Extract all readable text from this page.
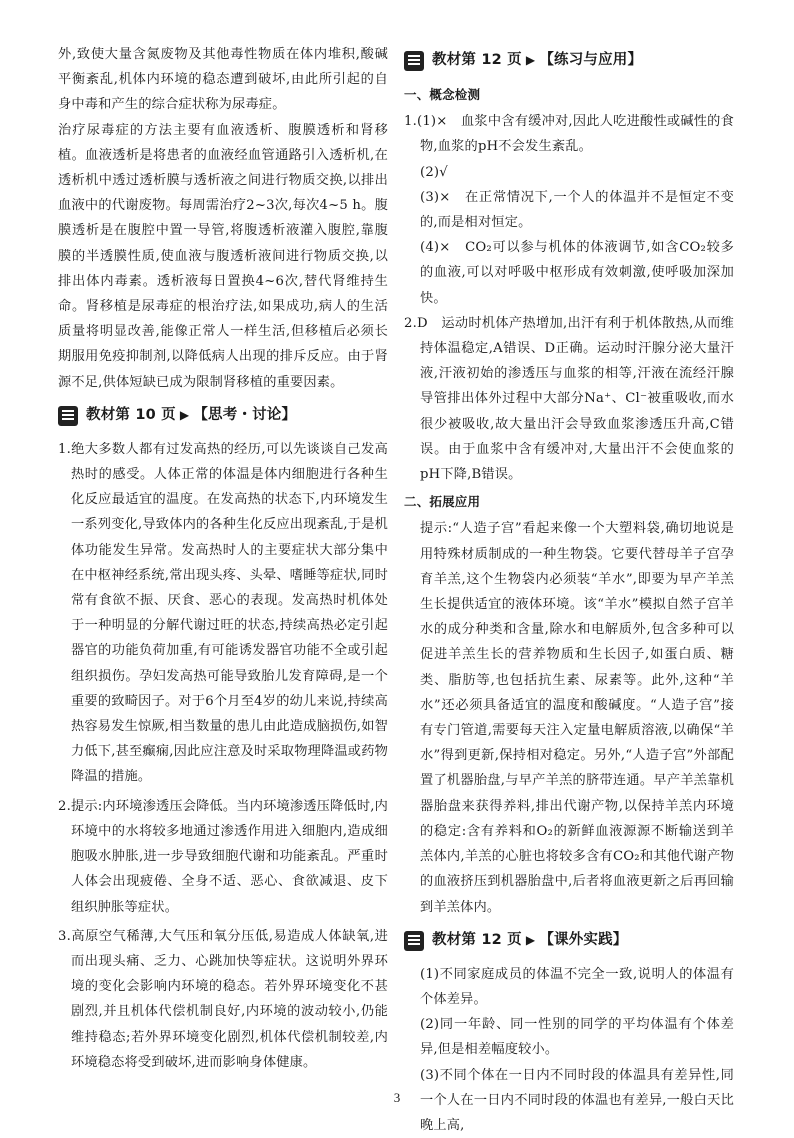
外,致使大量含氮废物及其他毒性物质在体内堆积,酸碱平衡紊乱,机体内环境的稳态遭到破坏,由此所引起的自身中毒和产生的综合症状称为尿毒症。

治疗尿毒症的方法主要有血液透析、腹膜透析和肾移植。血液透析是将患者的血液经血管通路引入透析机,在透析机中透过透析膜与透析液之间进行物质交换,以排出血液中的代谢废物。每周需治疗2~3次,每次4~5 h。腹膜透析是在腹腔中置一导管,将腹透析液灌入腹腔,靠腹膜的半透膜性质,使血液与腹透析液间进行物质交换,以排出体内毒素。透析液每日置换4~6次,替代肾维持生命。肾移植是尿毒症的根治疗法,如果成功,病人的生活质量将明显改善,能像正常人一样生活,但移植后必须长期服用免疫抑制剂,以降低病人出现的排斥反应。由于肾源不足,供体短缺已成为限制肾移植的重要因素。

教材第 10 页 ▶ 【思考・讨论】

1.绝大多数人都有过发高热的经历,可以先谈谈自己发高热时的感受。人体正常的体温是体内细胞进行各种生化反应最适宜的温度。在发高热的状态下,内环境发生一系列变化,导致体内的各种生化反应出现紊乱,于是机体功能发生异常。发高热时人的主要症状大部分集中在中枢神经系统,常出现头疼、头晕、嗜睡等症状,同时常有食欲不振、厌食、恶心的表现。发高热时机体处于一种明显的分解代谢过旺的状态,持续高热必定引起器官的功能负荷加重,有可能诱发器官功能不全或引起组织损伤。孕妇发高热可能导致胎儿发育障碍,是一个重要的致畸因子。对于6个月至4岁的幼儿来说,持续高热容易发生惊厥,相当数量的患儿由此造成脑损伤,如智力低下,甚至癫痫,因此应注意及时采取物理降温或药物降温的措施。

2.提示:内环境渗透压会降低。当内环境渗透压降低时,内环境中的水将较多地通过渗透作用进入细胞内,造成细胞吸水肿胀,进一步导致细胞代谢和功能紊乱。严重时人体会出现疲倦、全身不适、恶心、食欲减退、皮下组织肿胀等症状。

3.高原空气稀薄,大气压和氧分压低,易造成人体缺氧,进而出现头痛、乏力、心跳加快等症状。这说明外界环境的变化会影响内环境的稳态。若外界环境变化不甚剧烈,并且机体代偿机制良好,内环境的波动较小,仍能维持稳态;若外界环境变化剧烈,机体代偿机制较差,内环境稳态将受到破坏,进而影响身体健康。

教材第 12 页 ▶ 【练习与应用】
一、概念检测

1.(1)×　血浆中含有缓冲对,因此人吃进酸性或碱性的食物,血浆的pH不会发生紊乱。

(2)√

(3)×　在正常情况下,一个人的体温并不是恒定不变的,而是相对恒定。

(4)×　CO₂可以参与机体的体液调节,如含CO₂较多的血液,可以对呼吸中枢形成有效刺激,使呼吸加深加快。

2.D　运动时机体产热增加,出汗有利于机体散热,从而维持体温稳定,A错误、D正确。运动时汗腺分泌大量汗液,汗液初始的渗透压与血浆的相等,汗液在流经汗腺导管排出体外过程中大部分Na⁺、Cl⁻被重吸收,而水很少被吸收,故大量出汗会导致血浆渗透压升高,C错误。由于血浆中含有缓冲对,大量出汗不会使血浆的pH下降,B错误。

二、拓展应用

提示:“人造子宫”看起来像一个大塑料袋,确切地说是用特殊材质制成的一种生物袋。它要代替母羊子宫孕育羊羔,这个生物袋内必须装“羊水”,即要为早产羊羔生长提供适宜的液体环境。该“羊水”模拟自然子宫羊水的成分种类和含量,除水和电解质外,包含多种可以促进羊羔生长的营养物质和生长因子,如蛋白质、糖类、脂肪等,也包括抗生素、尿素等。此外,这种“羊水”还必须具备适宜的温度和酸碱度。“人造子宫”接有专门管道,需要每天注入定量电解质溶液,以确保“羊水”得到更新,保持相对稳定。另外,“人造子宫”外部配置了机器胎盘,与早产羊羔的脐带连通。早产羊羔靠机器胎盘来获得养料,排出代谢产物,以保持羊羔内环境的稳定:含有养料和O₂的新鲜血液源源不断输送到羊羔体内,羊羔的心脏也将较多含有CO₂和其他代谢产物的血液挤压到机器胎盘中,后者将血液更新之后再回输到羊羔体内。

教材第 12 页 ▶ 【课外实践】

(1)不同家庭成员的体温不完全一致,说明人的体温有个体差异。

(2)同一年龄、同一性别的同学的平均体温有个体差异,但是相差幅度较小。

(3)不同个体在一日内不同时段的体温具有差异性,同一个人在一日内不同时段的体温也有差异,一般白天比晚上高,

3
